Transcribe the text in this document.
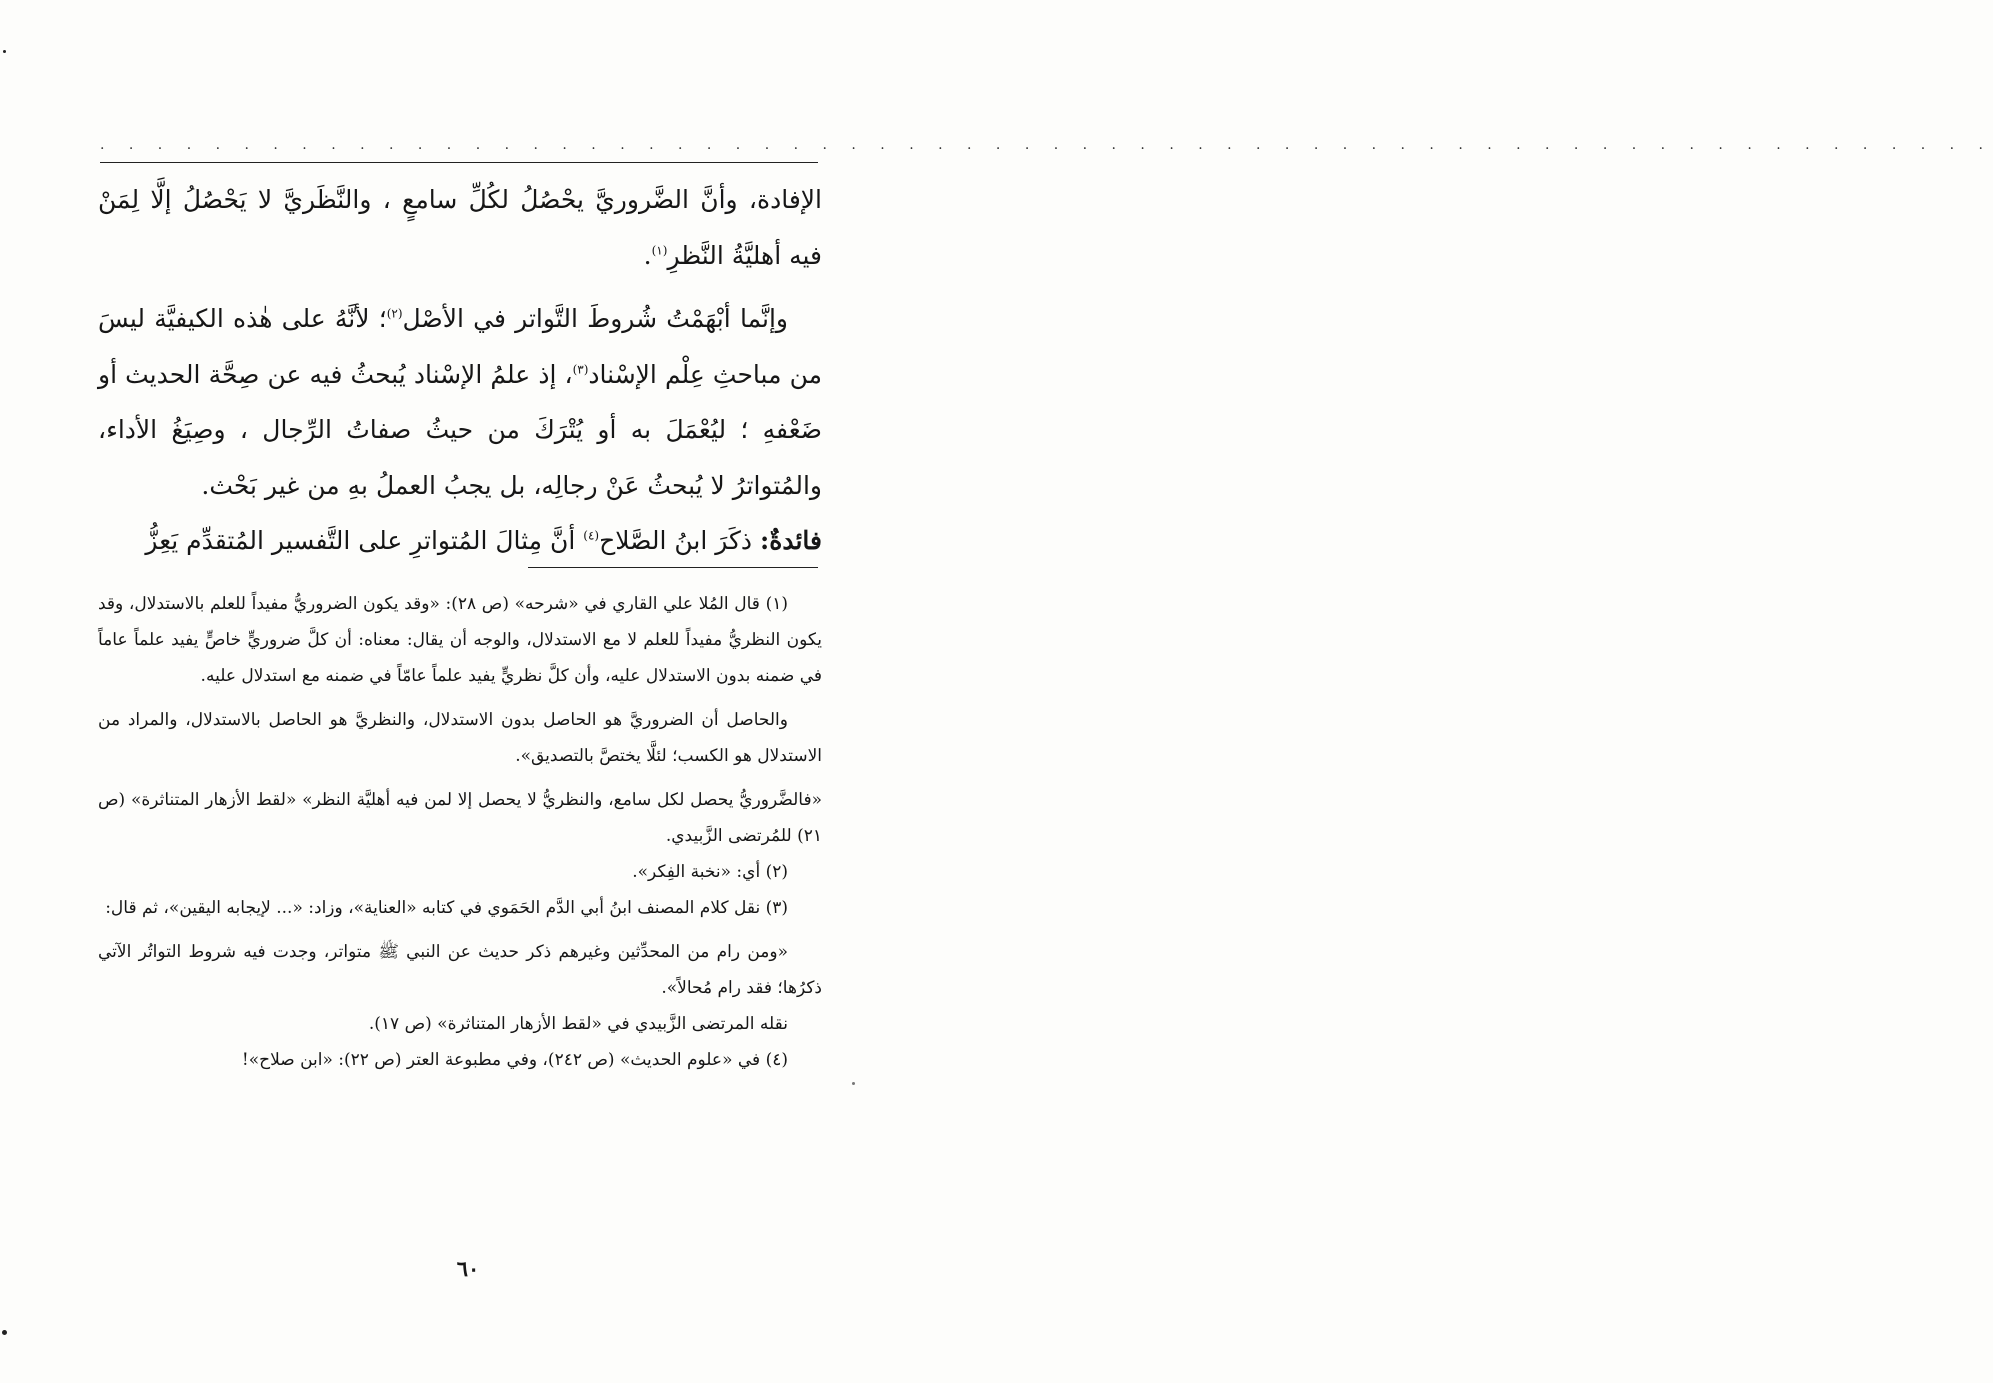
. . . . . . . . . . . . . . . . . . . . . . . . . . . . . . . . . . . . . . . . . . . . . . . . . . . . . . . . . . . . . . . . . .

الإفادة، وأنَّ الضَّروريَّ يحْصُلُ لكُلِّ سامعٍ ، والنَّظَريَّ لا يَحْصُلُ إلَّا لِمَنْ فيه أهليَّةُ النَّظرِ$^{(١)}$.

وإنَّما أبْهَمْتُ شُروطَ التَّواتر في الأصْل$^{(٢)}$؛ لأنَّهُ على هٰذه الكيفيَّة ليسَ من مباحثِ عِلْم الإسْناد$^{(٣)}$، إذ علمُ الإسْناد يُبحثُ فيه عن صِحَّة الحديث أو ضَعْفهِ ؛ ليُعْمَلَ به أو يُتْرَكَ من حيثُ صفاتُ الرِّجال ، وصِيَغُ الأداء، والمُتواترُ لا يُبحثُ عَنْ رجالِه، بل يجبُ العملُ بهِ من غير بَحْث.

فائدةٌ: ذكَرَ ابنُ الصَّلاح$^{(٤)}$ أنَّ مِثالَ المُتواترِ على التَّفسير المُتقدِّم يَعِزُّ

(١) قال المُلا علي القاري في «شرحه» (ص ٢٨): «وقد يكون الضروريُّ مفيداً للعلم بالاستدلال، وقد يكون النظريُّ مفيداً للعلم لا مع الاستدلال، والوجه أن يقال: معناه: أن كلَّ ضروريٍّ خاصٍّ يفيد علماً عاماً في ضمنه بدون الاستدلال عليه، وأن كلَّ نظريٍّ يفيد علماً عامّاً في ضمنه مع استدلال عليه.

والحاصل أن الضروريَّ هو الحاصل بدون الاستدلال، والنظريَّ هو الحاصل بالاستدلال، والمراد من الاستدلال هو الكسب؛ لئلَّا يختصَّ بالتصديق».

«فالضَّروريُّ يحصل لكل سامع، والنظريُّ لا يحصل إلا لمن فيه أهليَّة النظر» «لقط الأزهار المتناثرة» (ص ٢١) للمُرتضى الزَّبيدي.

(٢) أي: «نخبة الفِكر».

(٣) نقل كلام المصنف ابنُ أبي الدَّم الحَمَوي في كتابه «العناية»، وزاد: «... لإيجابه اليقين»، ثم قال:

«ومن رام من المحدِّثين وغيرهم ذكر حديث عن النبي ﷺ متواتر، وجدت فيه شروط التواتُر الآتي ذكرُها؛ فقد رام مُحالاً».

نقله المرتضى الزَّبيدي في «لقط الأزهار المتناثرة» (ص ١٧).

(٤) في «علوم الحديث» (ص ٢٤٢)، وفي مطبوعة العتر (ص ٢٢): «ابن صلاح»!

٦٠
